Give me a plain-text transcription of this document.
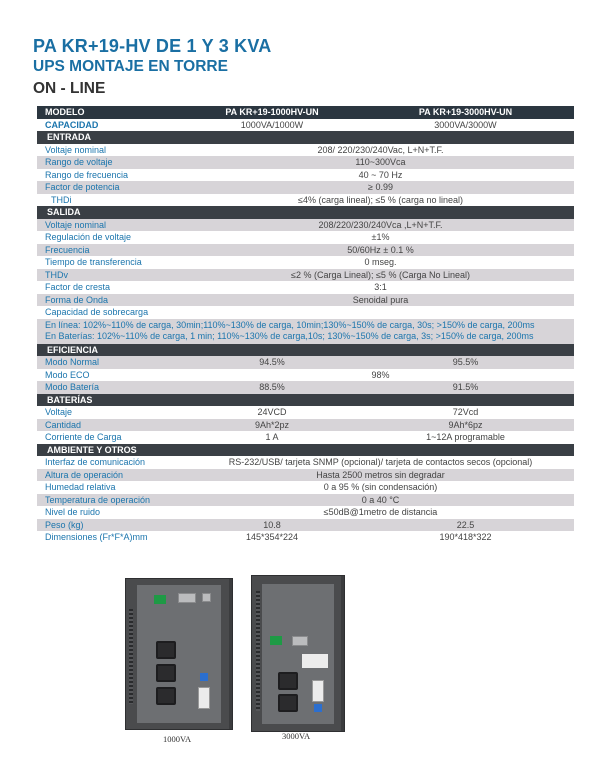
PA KR+19-HV DE 1 Y 3 KVA
UPS MONTAJE EN TORRE
ON - LINE
MODELO	PA KR+19-1000HV-UN	PA KR+19-3000HV-UN
CAPACIDAD	1000VA/1000W	3000VA/3000W
ENTRADA		
Voltaje nominal	208/ 220/230/240Vac, L+N+T.F.	
Rango de voltaje	110~300Vca	
Rango de frecuencia	40 ~ 70 Hz	
Factor de potencia	≥ 0.99	
THDi	≤4% (carga lineal); ≤5 % (carga no lineal)	
SALIDA		
Voltaje nominal	208/220/230/240Vca ,L+N+T.F.	
Regulación de voltaje	±1%	
Frecuencia	50/60Hz ± 0.1 %	
Tiempo de transferencia	0 mseg.	
THDv	≤2 % (Carga Lineal); ≤5 % (Carga No Lineal)	
Factor de cresta	3:1	
Forma de Onda	Senoidal pura	
Capacidad de sobrecarga		

En línea: 102%~110% de carga, 30min;110%~130% de carga, 10min;130%~150% de carga, 30s; >150% de carga, 200ms
En Baterías: 102%~110% de carga, 1 min; 110%~130% de carga,10s; 130%~150% de carga, 3s; >150% de carga, 200ms		

EFICIENCIA		
Modo Normal	94.5%	95.5%
Modo ECO	98%	
Modo Batería	88.5%	91.5%
BATERÍAS		
Voltaje	24VCD	72Vcd
Cantidad	9Ah*2pz	9Ah*6pz
Corriente de Carga	1 A	1~12A programable
AMBIENTE Y OTROS		
Interfaz de comunicación	RS-232/USB/ tarjeta SNMP (opcional)/ tarjeta de contactos secos (opcional)	
Altura de operación	Hasta 2500 metros sin degradar	
Humedad relativa	0 a 95 % (sin condensación)	
Temperatura de operación	0 a 40 °C	
Nivel de ruido	≤50dB@1metro de distancia	
Peso (kg)	10.8	22.5
Dimensiones (Fr*F*A)mm	145*354*224	190*418*322
1000VA	3000VA
